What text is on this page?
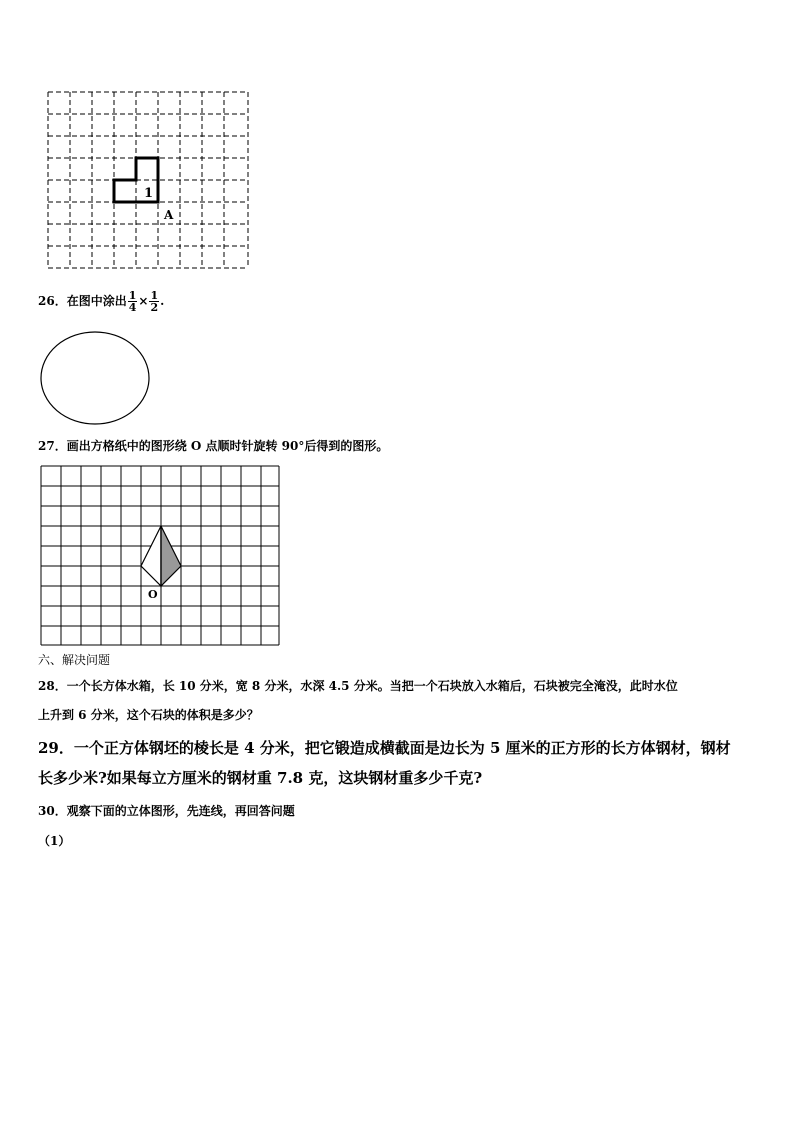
1
A
26．在图中涂出 $\frac{1}{4} \times \frac{1}{2}$ .
27．画出方格纸中的图形绕 O 点顺时针旋转 90°后得到的图形。
O
六、解决问题
28．一个长方体水箱，长 10 分米，宽 8 分米，水深 4.5 分米。当把一个石块放入水箱后，石块被完全淹没，此时水位
上升到 6 分米，这个石块的体积是多少？
29．一个正方体钢坯的棱长是 4 分米，把它锻造成横截面是边长为 5 厘米的正方形的长方体钢材，钢材
长多少米?如果每立方厘米的钢材重 7.8 克，这块钢材重多少千克?
30．观察下面的立体图形，先连线，再回答问题
（1）
